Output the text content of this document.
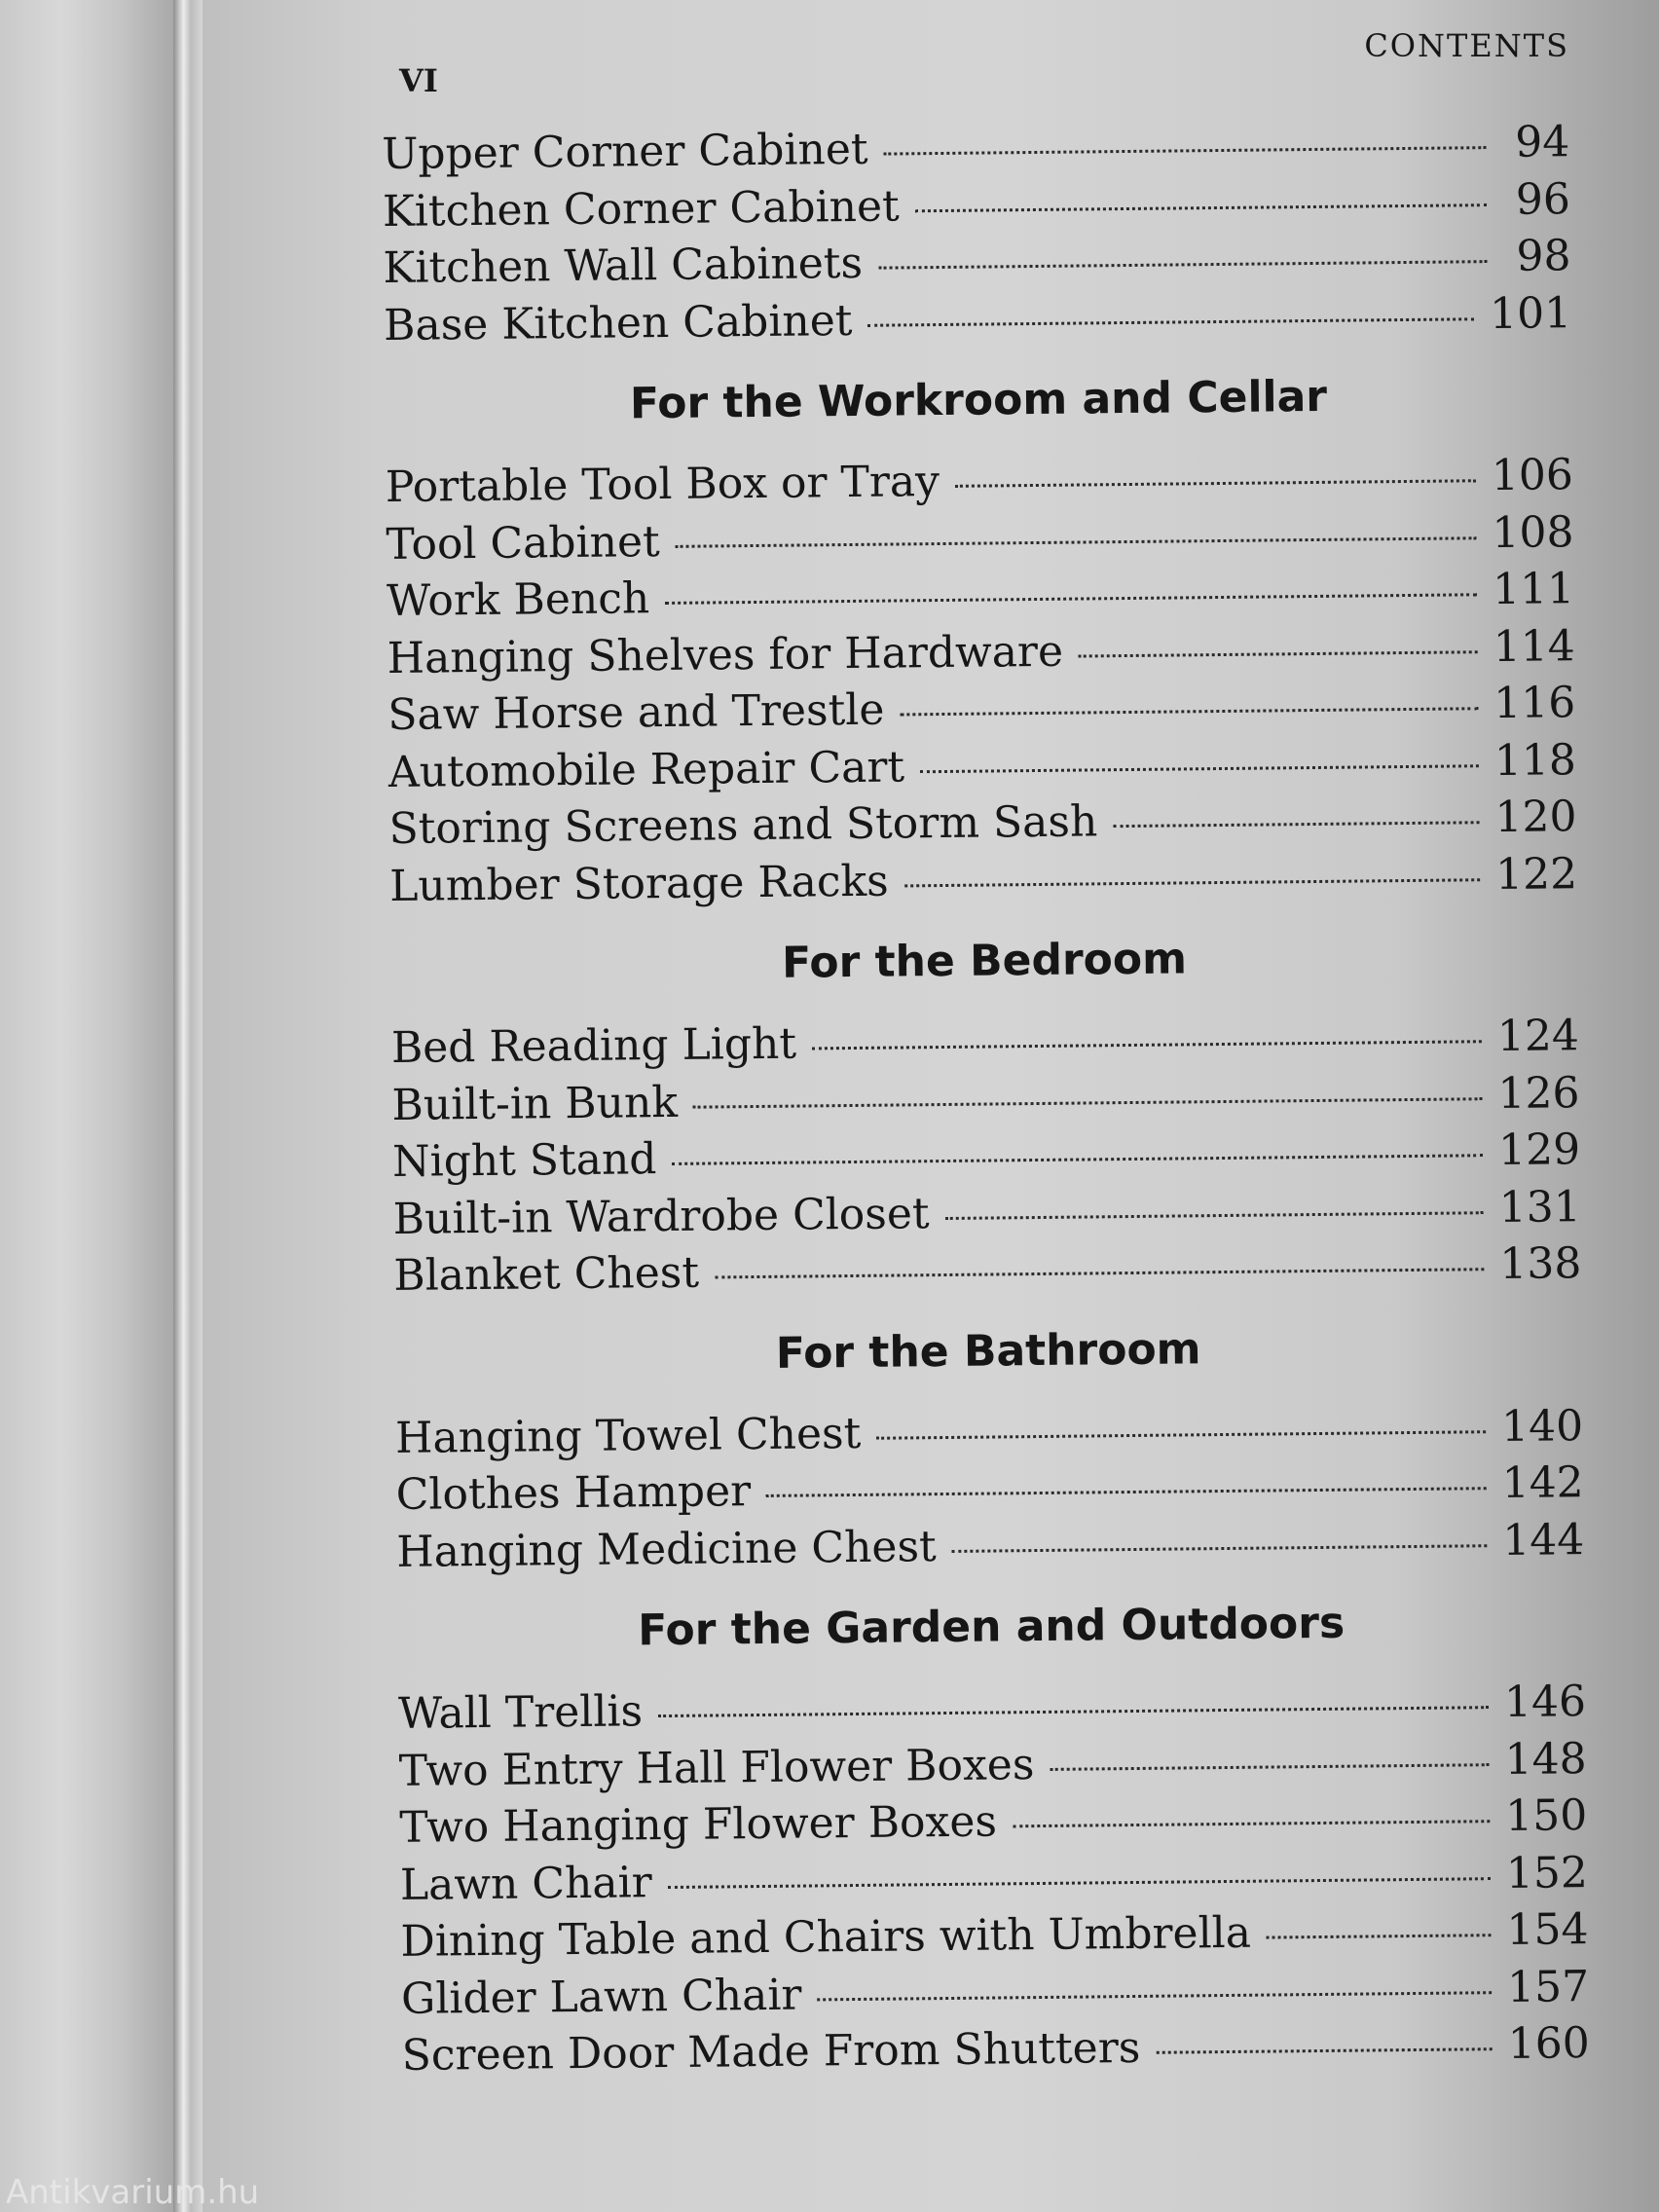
CONTENTS
VI
Upper Corner Cabinet	94
Kitchen Corner Cabinet	96
Kitchen Wall Cabinets	98
Base Kitchen Cabinet	101
For the Workroom and Cellar
Portable Tool Box or Tray	106
Tool Cabinet	108
Work Bench	111
Hanging Shelves for Hardware	114
Saw Horse and Trestle	116
Automobile Repair Cart	118
Storing Screens and Storm Sash	120
Lumber Storage Racks	122
For the Bedroom
Bed Reading Light	124
Built-in Bunk	126
Night Stand	129
Built-in Wardrobe Closet	131
Blanket Chest	138
For the Bathroom
Hanging Towel Chest	140
Clothes Hamper	142
Hanging Medicine Chest	144
For the Garden and Outdoors
Wall Trellis	146
Two Entry Hall Flower Boxes	148
Two Hanging Flower Boxes	150
Lawn Chair	152
Dining Table and Chairs with Umbrella	154
Glider Lawn Chair	157
Screen Door Made From Shutters	160
Antikvarium.hu
